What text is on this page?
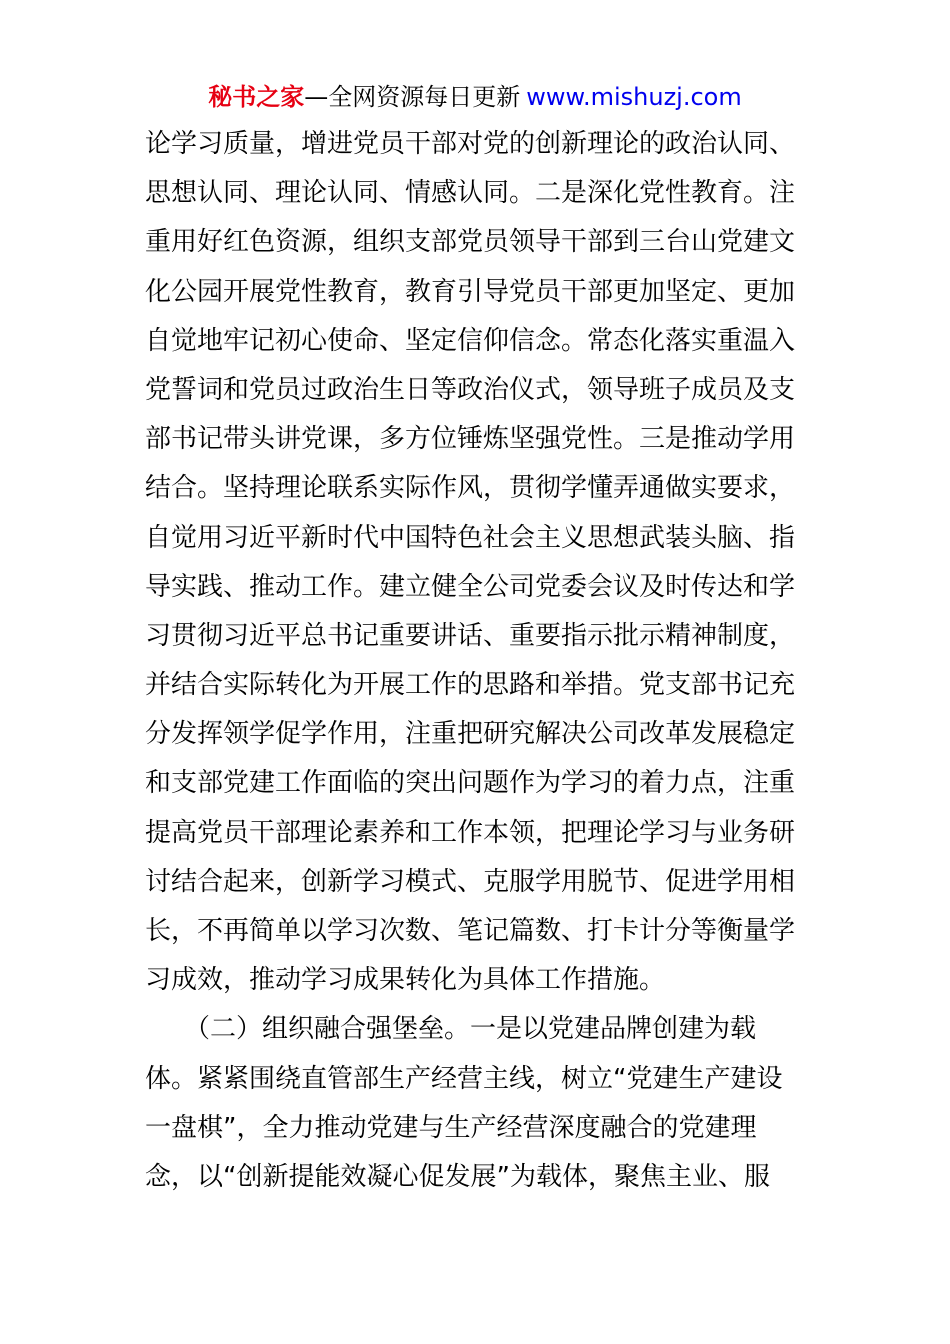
秘书之家—全网资源每日更新 www.mishuzj.com
论学习质量，增进党员干部对党的创新理论的政治认同、
思想认同、理论认同、情感认同。二是深化党性教育。注
重用好红色资源，组织支部党员领导干部到三台山党建文
化公园开展党性教育，教育引导党员干部更加坚定、更加
自觉地牢记初心使命、坚定信仰信念。常态化落实重温入
党誓词和党员过政治生日等政治仪式，领导班子成员及支
部书记带头讲党课，多方位锤炼坚强党性。三是推动学用
结合。坚持理论联系实际作风，贯彻学懂弄通做实要求，
自觉用习近平新时代中国特色社会主义思想武装头脑、指
导实践、推动工作。建立健全公司党委会议及时传达和学
习贯彻习近平总书记重要讲话、重要指示批示精神制度，
并结合实际转化为开展工作的思路和举措。党支部书记充
分发挥领学促学作用，注重把研究解决公司改革发展稳定
和支部党建工作面临的突出问题作为学习的着力点，注重
提高党员干部理论素养和工作本领，把理论学习与业务研
讨结合起来，创新学习模式、克服学用脱节、促进学用相
长，不再简单以学习次数、笔记篇数、打卡计分等衡量学
习成效，推动学习成果转化为具体工作措施。
　　（二）组织融合强堡垒。一是以党建品牌创建为载
体。紧紧围绕直管部生产经营主线，树立“党建生产建设
一盘棋”，全力推动党建与生产经营深度融合的党建理
念，以“创新提能效凝心促发展”为载体，聚焦主业、服
